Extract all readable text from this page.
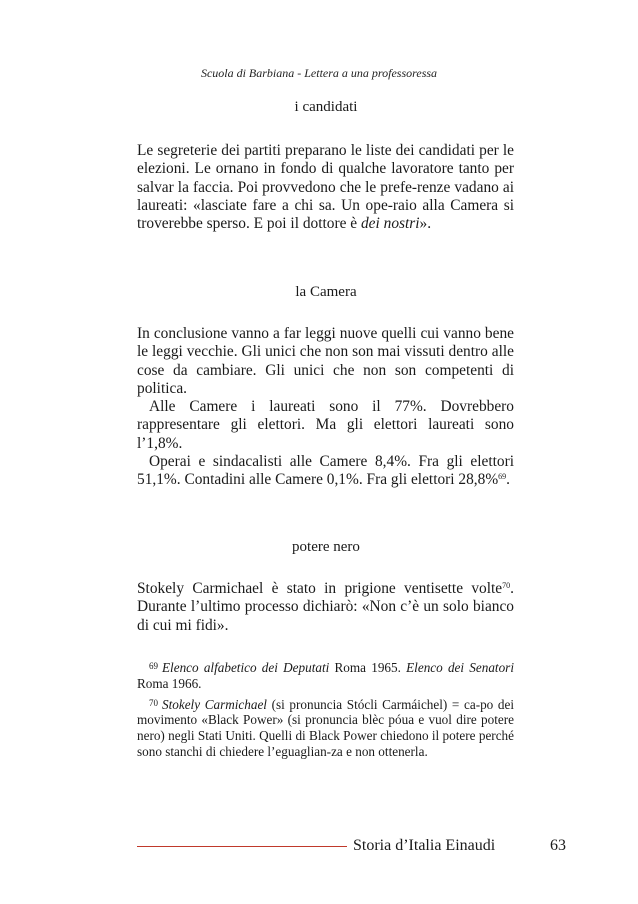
Scuola di Barbiana - Lettera a una professoressa
i candidati

Le segreterie dei partiti preparano le liste dei candidati per le elezioni. Le ornano in fondo di qualche lavoratore tanto per salvar la faccia. Poi provvedono che le prefe-renze vadano ai laureati: «lasciate fare a chi sa. Un ope-raio alla Camera si troverebbe sperso. E poi il dottore è dei nostri».

la Camera

In conclusione vanno a far leggi nuove quelli cui vanno bene le leggi vecchie. Gli unici che non son mai vissuti dentro alle cose da cambiare. Gli unici che non son competenti di politica.

Alle Camere i laureati sono il 77%. Dovrebbero rappresentare gli elettori. Ma gli elettori laureati sono l’1,8%.

Operai e sindacalisti alle Camere 8,4%. Fra gli elettori 51,1%. Contadini alle Camere 0,1%. Fra gli elettori 28,8%$^{69}$.

potere nero

Stokely Carmichael è stato in prigione ventisette volte$^{70}$. Durante l’ultimo processo dichiarò: «Non c’è un solo bianco di cui mi fidi».

$^{69}$ Elenco alfabetico dei Deputati Roma 1965. Elenco dei Senatori Roma 1966.

$^{70}$ Stokely Carmichael (si pronuncia Stócli Carmáichel) = ca-po dei movimento «Black Power» (si pronuncia blèc póua e vuol dire potere nero) negli Stati Uniti. Quelli di Black Power chiedono il potere perché sono stanchi di chiedere l’eguaglian-za e non ottenerla.

Storia d’Italia Einaudi	63
